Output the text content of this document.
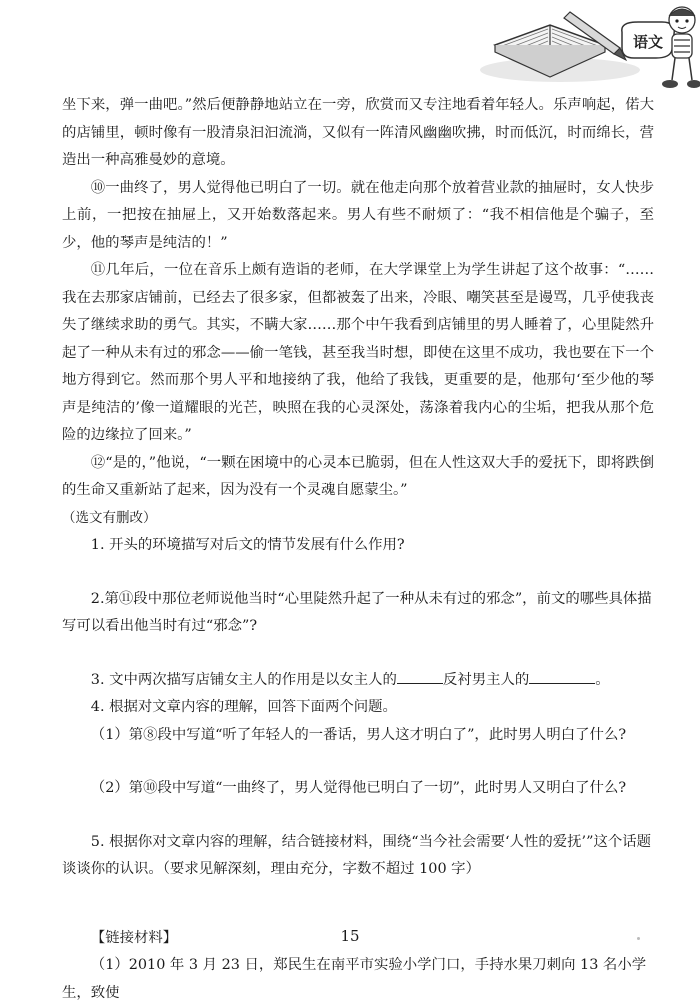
语文

坐下来，弹一曲吧。”然后便静静地站立在一旁，欣赏而又专注地看着年轻人。乐声响起，偌大的店铺里，顿时像有一股清泉汩汩流淌，又似有一阵清风幽幽吹拂，时而低沉，时而绵长，营造出一种高雅曼妙的意境。

⑩一曲终了，男人觉得他已明白了一切。就在他走向那个放着营业款的抽屉时，女人快步上前，一把按在抽屉上，又开始数落起来。男人有些不耐烦了：“我不相信他是个骗子，至少，他的琴声是纯洁的！”

⑪几年后，一位在音乐上颇有造诣的老师，在大学课堂上为学生讲起了这个故事：“……我在去那家店铺前，已经去了很多家，但都被轰了出来，冷眼、嘲笑甚至是谩骂，几乎使我丧失了继续求助的勇气。其实，不瞒大家……那个中午我看到店铺里的男人睡着了，心里陡然升起了一种从未有过的邪念——偷一笔钱，甚至我当时想，即使在这里不成功，我也要在下一个地方得到它。然而那个男人平和地接纳了我，他给了我钱，更重要的是，他那句‘至少他的琴声是纯洁的’像一道耀眼的光芒，映照在我的心灵深处，荡涤着我内心的尘垢，把我从那个危险的边缘拉了回来。”

⑫“是的，”他说，“一颗在困境中的心灵本已脆弱，但在人性这双大手的爱抚下，即将跌倒的生命又重新站了起来，因为没有一个灵魂自愿蒙尘。”

（选文有删改）

1. 开头的环境描写对后文的情节发展有什么作用?

2.第⑪段中那位老师说他当时“心里陡然升起了一种从未有过的邪念”，前文的哪些具体描写可以看出他当时有过“邪念”?

3. 文中两次描写店铺女主人的作用是以女主人的	反衬男主人的	。

4. 根据对文章内容的理解，回答下面两个问题。

（1）第⑧段中写道“听了年轻人的一番话，男人这才明白了”，此时男人明白了什么?

（2）第⑩段中写道“一曲终了，男人觉得他已明白了一切”，此时男人又明白了什么?

5. 根据你对文章内容的理解，结合链接材料，围绕“当今社会需要‘人性的爱抚’”这个话题谈谈你的认识。（要求见解深刻，理由充分，字数不超过 100 字）

【链接材料】

（1）2010 年 3 月 23 日，郑民生在南平市实验小学门口，手持水果刀刺向 13 名小学生，致使

15
